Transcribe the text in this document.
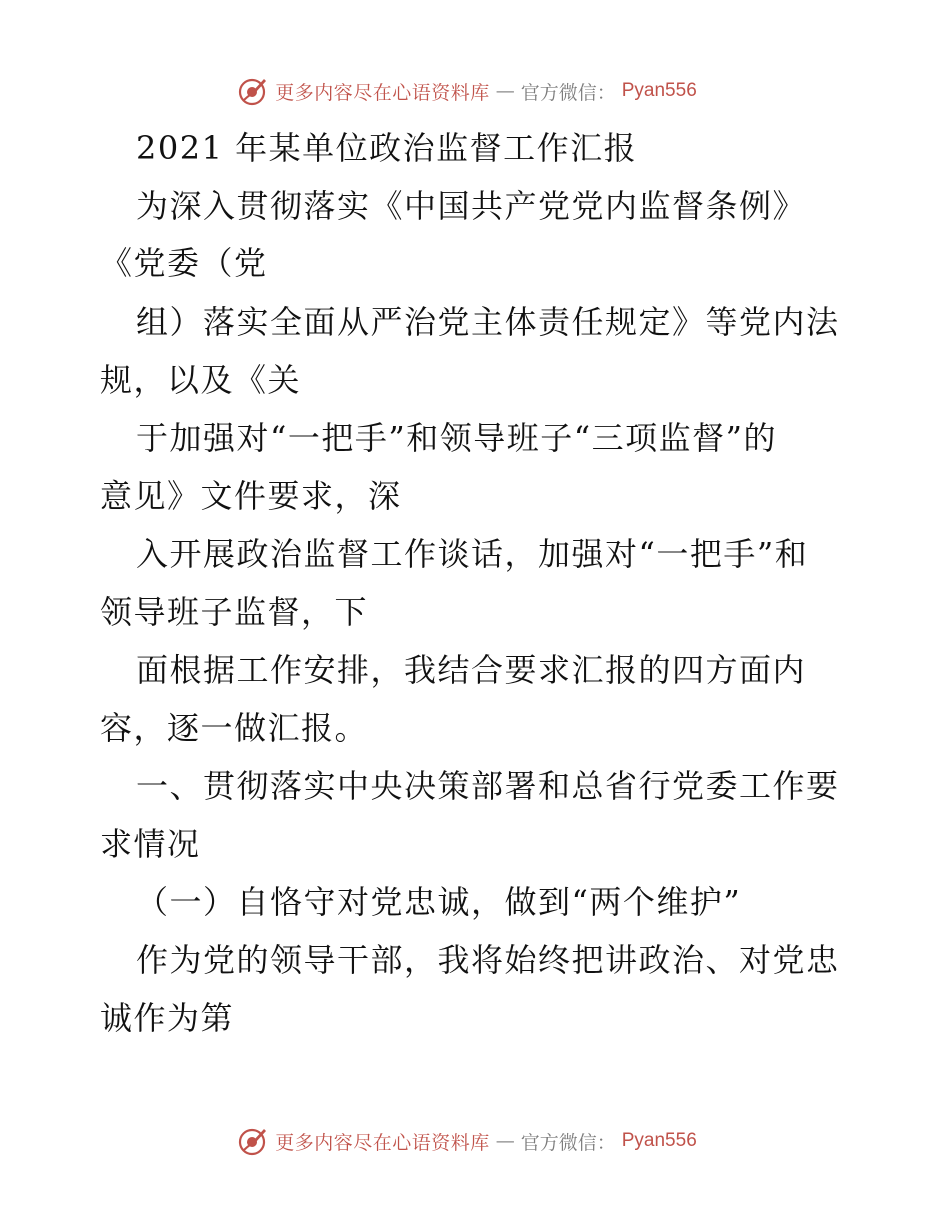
更多内容尽在心语资料库 — 官方微信： Pyan556
2021 年某单位政治监督工作汇报
为深入贯彻落实《中国共产党党内监督条例》
《党委（党
组）落实全面从严治党主体责任规定》等党内法
规，以及《关
于加强对“一把手”和领导班子“三项监督”的
意见》文件要求，深
入开展政治监督工作谈话，加强对“一把手”和
领导班子监督，下
面根据工作安排，我结合要求汇报的四方面内
容，逐一做汇报。
一、贯彻落实中央决策部署和总省行党委工作要
求情况
（一）自恪守对党忠诚，做到“两个维护”
作为党的领导干部，我将始终把讲政治、对党忠
诚作为第
更多内容尽在心语资料库 — 官方微信： Pyan556
